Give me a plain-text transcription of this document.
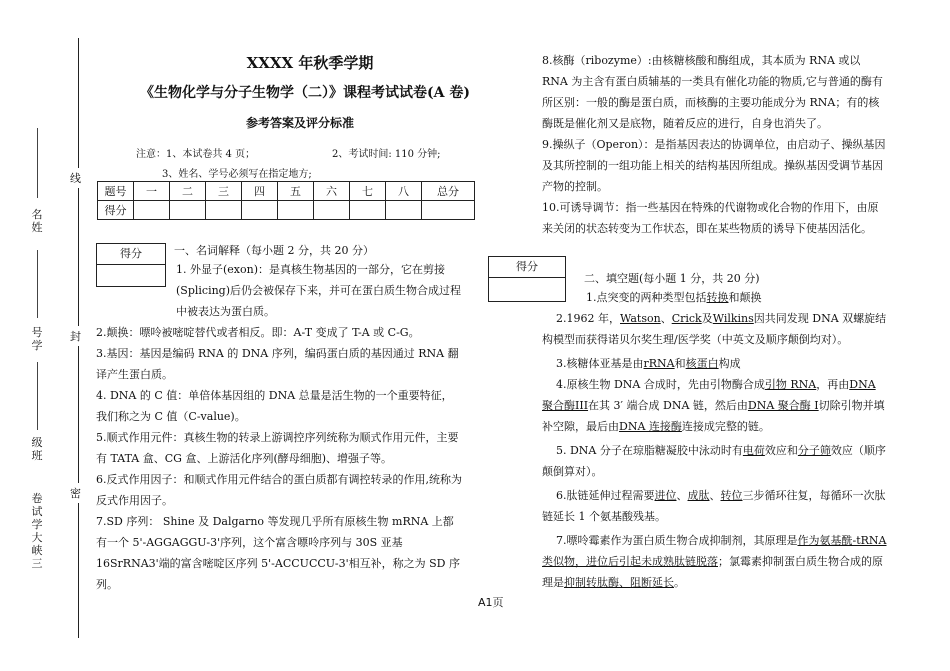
线
封
密
名
姓
号
学
级
班
卷
试
学
大
峡
三
XXXX 年秋季学期
《生物化学与分子生物学（二）》课程考试试卷(A 卷)
参考答案及评分标准
注意：1、本试卷共 4 页；	2、考试时间: 110 分钟;
3、姓名、学号必须写在指定地方;
题号	一	二	三	四	五	六	七	八	总分
得分									
得分	一、名词解释（每小题 2 分，共 20 分）
1. 外显子(exon)：是真核生物基因的一部分，它在剪接(Splicing)后仍会被保存下来，并可在蛋白质生物合成过程中被表达为蛋白质。
2.颠换：嘌呤被嘧啶替代或者相反。即：A-T 变成了 T-A 或 C-G。
3.基因：基因是编码 RNA 的 DNA 序列，编码蛋白质的基因通过 RNA 翻译产生蛋白质。
4. DNA 的 C 值：单倍体基因组的 DNA 总量是活生物的一个重要特征，我们称之为 C 值（C-value)。
5.顺式作用元件：真核生物的转录上游调控序列统称为顺式作用元件，主要有 TATA 盒、CG 盒、上游活化序列(酵母细胞)、增强子等。
6.反式作用因子：和顺式作用元件结合的蛋白质都有调控转录的作用,统称为反式作用因子。
7.SD 序列： Shine 及 Dalgarno 等发现几乎所有原核生物 mRNA 上都有一个 5'-AGGAGGU-3'序列，这个富含嘌呤序列与 30S 亚基 16SrRNA3'端的富含嘧啶区序列 5'-ACCUCCU-3'相互补，称之为 SD 序列。
8.核酶（ribozyme）:由核糖核酸和酶组成，其本质为 RNA 或以 RNA 为主含有蛋白质辅基的一类具有催化功能的物质,它与普通的酶有所区别：一般的酶是蛋白质，而核酶的主要功能成分为 RNA；有的核酶既是催化剂又是底物，随着反应的进行，自身也消失了。
9.操纵子（Operon）：是指基因表达的协调单位，由启动子、操纵基因及其所控制的一组功能上相关的结构基因所组成。操纵基因受调节基因产物的控制。
10.可诱导调节：指一些基因在特殊的代谢物或化合物的作用下，由原来关闭的状态转变为工作状态，即在某些物质的诱导下使基因活化。
得分
二、填空题(每小题 1 分，共 20 分)
1.点突变的两种类型包括转换和颠换
2.1962 年，Watson、Crick及Wilkins因共同发现 DNA 双螺旋结构模型而获得诺贝尔奖生理/医学奖（中英文及顺序颠倒均对）。
3.核糖体亚基是由rRNA和核蛋白构成
4.原核生物 DNA 合成时，先由引物酶合成引物 RNA，再由DNA 聚合酶III在其 3′ 端合成 DNA 链，然后由DNA 聚合酶 I切除引物并填补空隙，最后由DNA 连接酶连接成完整的链。
5. DNA 分子在琼脂糖凝胶中泳动时有电荷效应和分子筛效应（顺序颠倒算对）。
6.肽链延伸过程需要进位、成肽、转位三步循环往复，每循环一次肽链延长 1 个氨基酸残基。
7.嘌呤霉素作为蛋白质生物合成抑制剂，其原理是作为氨基酰-tRNA 类似物，进位后引起未成熟肽链脱落；氯霉素抑制蛋白质生物合成的原理是抑制转肽酶、阻断延长。
A1页
